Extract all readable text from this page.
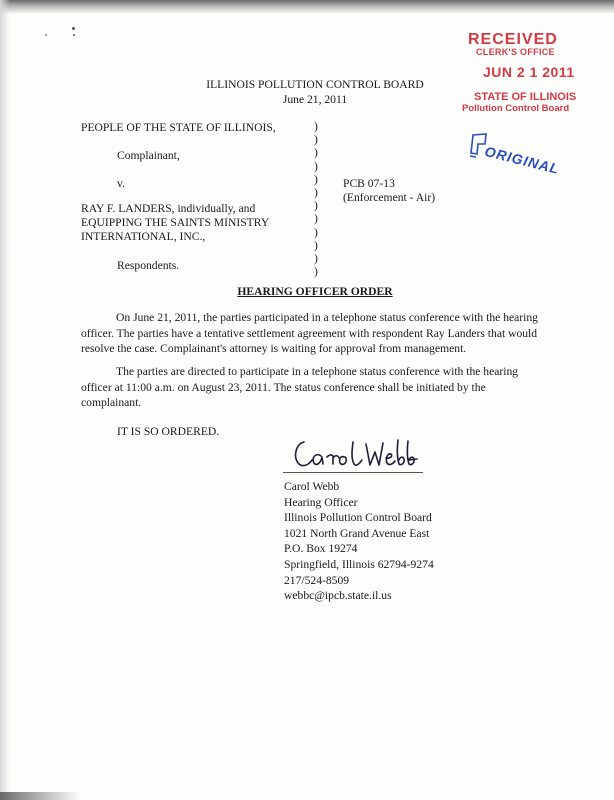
RECEIVED
CLERK'S OFFICE
JUN 2 1 2011
STATE OF ILLINOIS
Pollution Control Board
ORIGINAL
ILLINOIS POLLUTION CONTROL BOARD
June 21, 2011
PEOPLE OF THE STATE OF ILLINOIS,
Complainant,
v.
RAY F. LANDERS, individually, and
EQUIPPING THE SAINTS MINISTRY
INTERNATIONAL, INC.,
Respondents.
)
)
)
)
)
)
)
)
)
)
)
)
PCB 07-13
(Enforcement - Air)
HEARING OFFICER ORDER
On June 21, 2011, the parties participated in a telephone status conference with the hearing officer. The parties have a tentative settlement agreement with respondent Ray Landers that would resolve the case. Complainant's attorney is waiting for approval from management.
The parties are directed to participate in a telephone status conference with the hearing officer at 11:00 a.m. on August 23, 2011. The status conference shall be initiated by the complainant.
IT IS SO ORDERED.
Carol Webb
Hearing Officer
Illinois Pollution Control Board
1021 North Grand Avenue East
P.O. Box 19274
Springfield, Illinois 62794-9274
217/524-8509
webbc@ipcb.state.il.us
